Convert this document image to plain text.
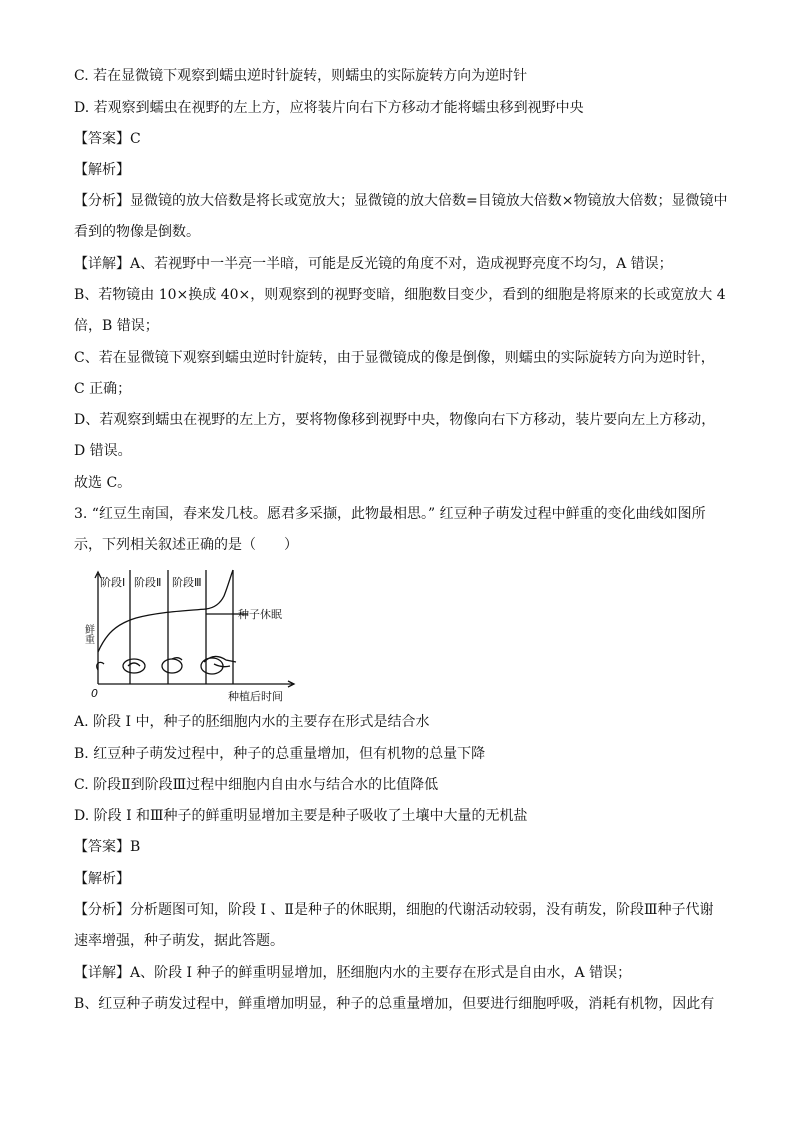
C. 若在显微镜下观察到蠕虫逆时针旋转，则蠕虫的实际旋转方向为逆时针
D. 若观察到蠕虫在视野的左上方，应将装片向右下方移动才能将蠕虫移到视野中央
【答案】C
【解析】
【分析】显微镜的放大倍数是将长或宽放大；显微镜的放大倍数=目镜放大倍数×物镜放大倍数；显微镜中
看到的物像是倒数。
【详解】A、若视野中一半亮一半暗，可能是反光镜的角度不对，造成视野亮度不均匀，A 错误；
B、若物镜由 10×换成 40×，则观察到的视野变暗，细胞数目变少，看到的细胞是将原来的长或宽放大 4
倍，B 错误；
C、若在显微镜下观察到蠕虫逆时针旋转，由于显微镜成的像是倒像，则蠕虫的实际旋转方向为逆时针，
C 正确；
D、若观察到蠕虫在视野的左上方，要将物像移到视野中央，物像向右下方移动，装片要向左上方移动，
D 错误。
故选 C。
3. “红豆生南国，春来发几枝。愿君多采撷，此物最相思。” 红豆种子萌发过程中鲜重的变化曲线如图所
示，下列相关叙述正确的是（　　）
阶段Ⅰ 阶段Ⅱ 阶段Ⅲ
鲜重
种子休眠
0	种植后时间
A. 阶段 I 中，种子的胚细胞内水的主要存在形式是结合水
B. 红豆种子萌发过程中，种子的总重量增加，但有机物的总量下降
C. 阶段Ⅱ到阶段Ⅲ过程中细胞内自由水与结合水的比值降低
D. 阶段 I 和Ⅲ种子的鲜重明显增加主要是种子吸收了土壤中大量的无机盐
【答案】B
【解析】
【分析】分析题图可知，阶段 I 、Ⅱ是种子的休眠期，细胞的代谢活动较弱，没有萌发，阶段Ⅲ种子代谢
速率增强，种子萌发，据此答题。
【详解】A、阶段 I 种子的鲜重明显增加，胚细胞内水的主要存在形式是自由水，A 错误；
B、红豆种子萌发过程中，鲜重增加明显，种子的总重量增加，但要进行细胞呼吸，消耗有机物，因此有
